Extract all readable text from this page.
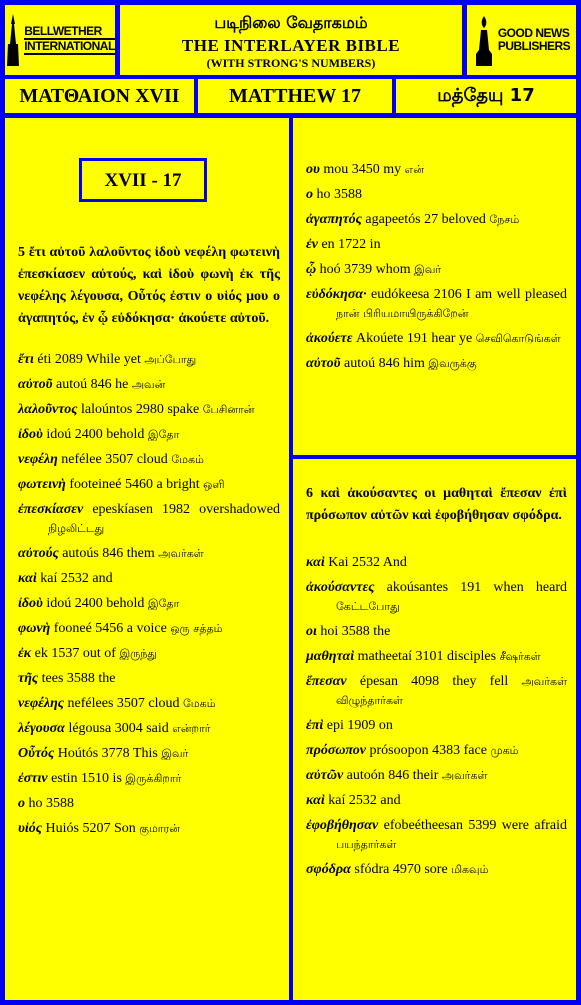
BELLWETHER
INTERNATIONAL
படிநிலை வேதாகமம்
THE INTERLAYER BIBLE
(WITH STRONG'S NUMBERS)
GOOD NEWS
PUBLISHERS
ΜΑΤΘΑΙΟΝ XVII	MATTHEW 17	மத்தேயு 17
XVII - 17
5 ἔτι αὐτοῦ λαλοῦντος ἰδοὺ νεφέλη φωτεινὴ ἐπεσκίασεν αὐτούς, καὶ ἰδοὺ φωνὴ ἐκ τῆς νεφέλης λέγουσα, Οὗτός ἐστιν ο υἱός μου ο ἀγαπητός, ἐν ᾧ εὐδόκησα· ἀκούετε αὐτοῦ.
ἔτι éti 2089 While yet அப்போது
αὐτοῦ autoú 846 he அவன்
λαλοῦντος laloúntos 2980 spake பேசினான்
ἰδοὺ idoú 2400 behold இதோ
νεφέλη nefélee 3507 cloud மேகம்
φωτεινὴ footeineé 5460 a bright ஒளி
ἐπεσκίασεν epeskíasen 1982 overshadowed நிழலிட்டது
αὐτούς autoús 846 them அவர்கள்
καὶ kaí 2532 and
ἰδοὺ idoú 2400 behold இதோ
φωνὴ fooneé 5456 a voice ஒரு சத்தம்
ἐκ ek 1537 out of இருந்து
τῆς tees 3588 the
νεφέλης nefélees 3507 cloud மேகம்
λέγουσα légousa 3004 said என்றார்
Οὗτός Hoútós 3778 This இவர்
ἐστιν estin 1510 is இருக்கிறார்
ο ho 3588
υἱός Huiós 5207 Son குமாரன்
ου mou 3450 my என்
ο ho 3588
ἀγαπητός agapeetós 27 beloved நேசம்
ἐν en 1722 in
ᾧ hoó 3739 whom இவர்
εὐδόκησα· eudókeesa 2106 I am well pleased நான் பிரியமாயிருக்கிறேன்
ἀκούετε Akoúete 191 hear ye செவிகொடுங்கள்
αὐτοῦ autoú 846 him இவருக்கு
6 καὶ ἀκούσαντες οι μαθηταὶ ἔπεσαν ἐπὶ πρόσωπον αὐτῶν καὶ ἐφοβήθησαν σφόδρα.
καὶ Kai 2532 And
ἀκούσαντες akoúsantes 191 when heard கேட்டபோது
οι hoi 3588 the
μαθηταὶ matheetaí 3101 disciples சீஷர்கள்
ἔπεσαν épesan 4098 they fell அவர்கள் விழுந்தார்கள்
ἐπὶ epi 1909 on
πρόσωπον prósoopon 4383 face முகம்
αὐτῶν autoón 846 their அவர்கள்
καὶ kaí 2532 and
ἐφοβήθησαν efobeétheesan 5399 were afraid பயந்தார்கள்
σφόδρα sfódra 4970 sore மிகவும்
